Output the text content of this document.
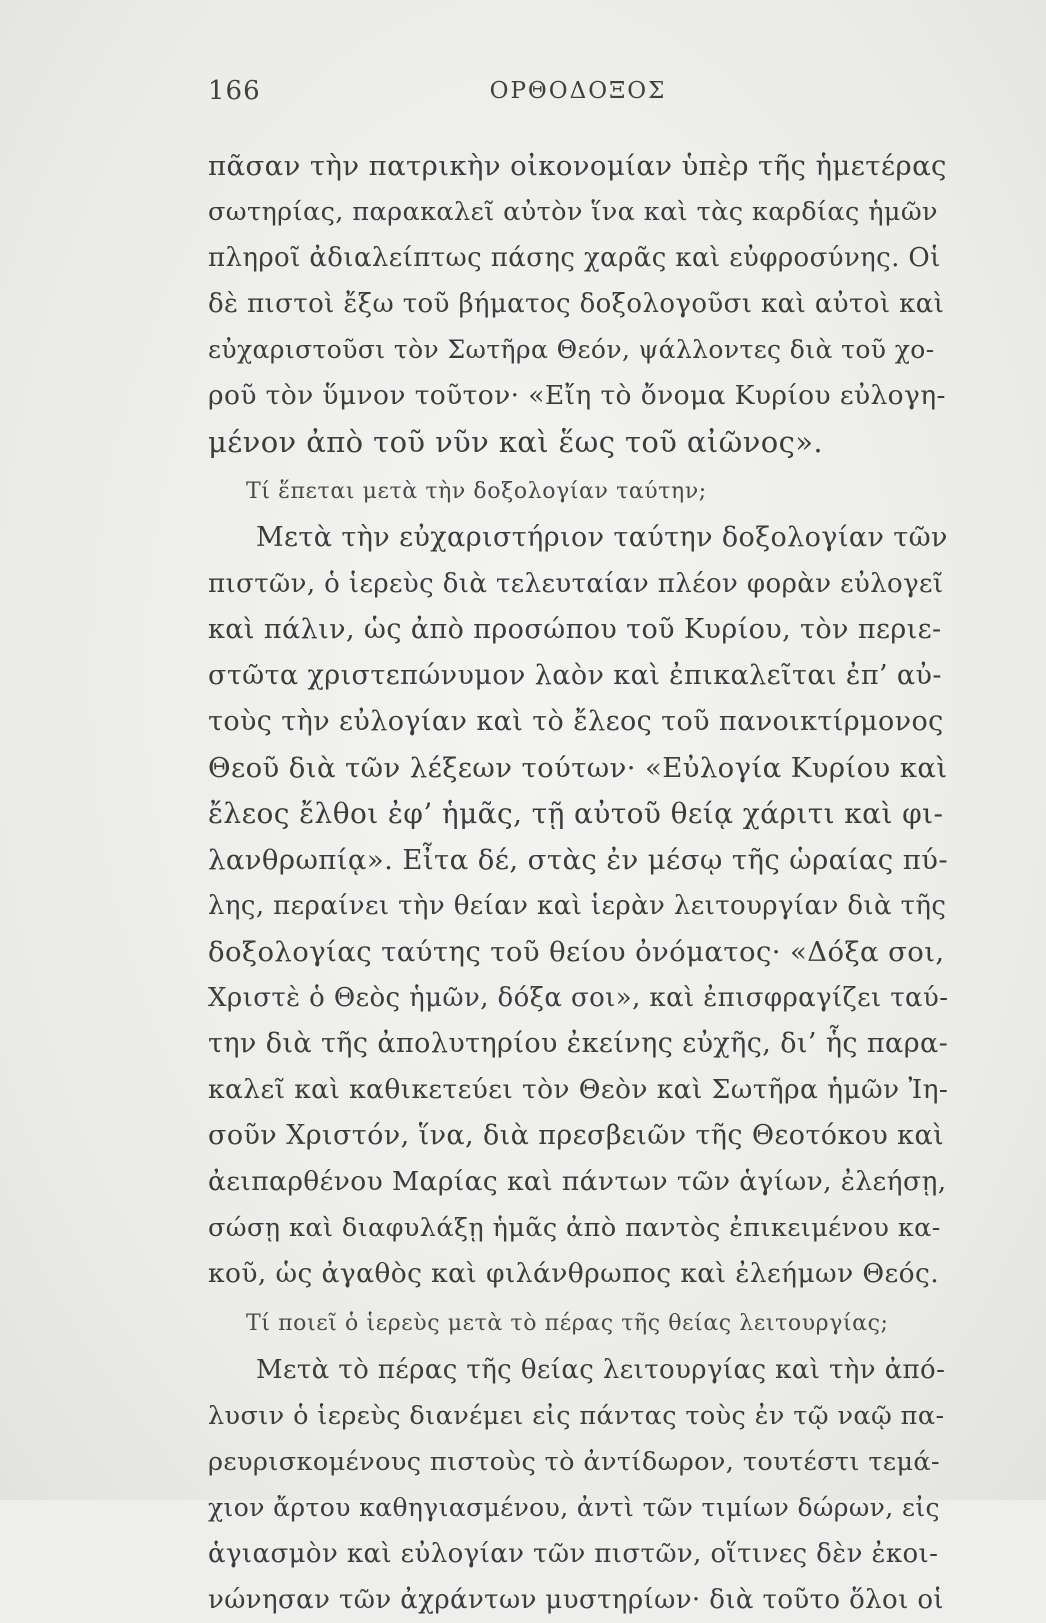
166	ΟΡΘΟΔΟΞΟΣ
πᾶσαν τὴν πατρικὴν οἰκονομίαν ὑπὲρ τῆς ἡμετέρας
σωτηρίας, παρακαλεῖ αὐτὸν ἵνα καὶ τὰς καρδίας ἡμῶν
πληροῖ ἀδιαλείπτως πάσης χαρᾶς καὶ εὐφροσύνης. Οἱ
δὲ πιστοὶ ἔξω τοῦ βήματος δοξολογοῦσι καὶ αὐτοὶ καὶ
εὐχαριστοῦσι τὸν Σωτῆρα Θεόν, ψάλλοντες διὰ τοῦ χο-
ροῦ τὸν ὕμνον τοῦτον· «Εἴη τὸ ὄνομα Κυρίου εὐλογη-
μένον ἀπὸ τοῦ νῦν καὶ ἕως τοῦ αἰῶνος».
Τί ἕπεται μετὰ τὴν δοξολογίαν ταύτην;
Μετὰ τὴν εὐχαριστήριον ταύτην δοξολογίαν τῶν
πιστῶν, ὁ ἱερεὺς διὰ τελευταίαν πλέον φορὰν εὐλογεῖ
καὶ πάλιν, ὡς ἀπὸ προσώπου τοῦ Κυρίου, τὸν περιε-
στῶτα χριστεπώνυμον λαὸν καὶ ἐπικαλεῖται ἐπ’ αὐ-
τοὺς τὴν εὐλογίαν καὶ τὸ ἔλεος τοῦ πανοικτίρμονος
Θεοῦ διὰ τῶν λέξεων τούτων· «Εὐλογία Κυρίου καὶ
ἔλεος ἔλθοι ἐφ’ ἡμᾶς, τῇ αὐτοῦ θείᾳ χάριτι καὶ φι-
λανθρωπίᾳ». Εἶτα δέ, στὰς ἐν μέσῳ τῆς ὡραίας πύ-
λης, περαίνει τὴν θείαν καὶ ἱερὰν λειτουργίαν διὰ τῆς
δοξολογίας ταύτης τοῦ θείου ὀνόματος· «Δόξα σοι,
Χριστὲ ὁ Θεὸς ἡμῶν, δόξα σοι», καὶ ἐπισφραγίζει ταύ-
την διὰ τῆς ἀπολυτηρίου ἐκείνης εὐχῆς, δι’ ἧς παρα-
καλεῖ καὶ καθικετεύει τὸν Θεὸν καὶ Σωτῆρα ἡμῶν Ἰη-
σοῦν Χριστόν, ἵνα, διὰ πρεσβειῶν τῆς Θεοτόκου καὶ
ἀειπαρθένου Μαρίας καὶ πάντων τῶν ἁγίων, ἐλεήσῃ,
σώσῃ καὶ διαφυλάξῃ ἡμᾶς ἀπὸ παντὸς ἐπικειμένου κα-
κοῦ, ὡς ἀγαθὸς καὶ φιλάνθρωπος καὶ ἐλεήμων Θεός.
Τί ποιεῖ ὁ ἱερεὺς μετὰ τὸ πέρας τῆς θείας λειτουργίας;
Μετὰ τὸ πέρας τῆς θείας λειτουργίας καὶ τὴν ἀπό-
λυσιν ὁ ἱερεὺς διανέμει εἰς πάντας τοὺς ἐν τῷ ναῷ πα-
ρευρισκομένους πιστοὺς τὸ ἀντίδωρον, τουτέστι τεμά-
χιον ἄρτου καθηγιασμένου, ἀντὶ τῶν τιμίων δώρων, εἰς
ἁγιασμὸν καὶ εὐλογίαν τῶν πιστῶν, οἵτινες δὲν ἐκοι-
νώνησαν τῶν ἀχράντων μυστηρίων· διὰ τοῦτο ὅλοι οἱ
